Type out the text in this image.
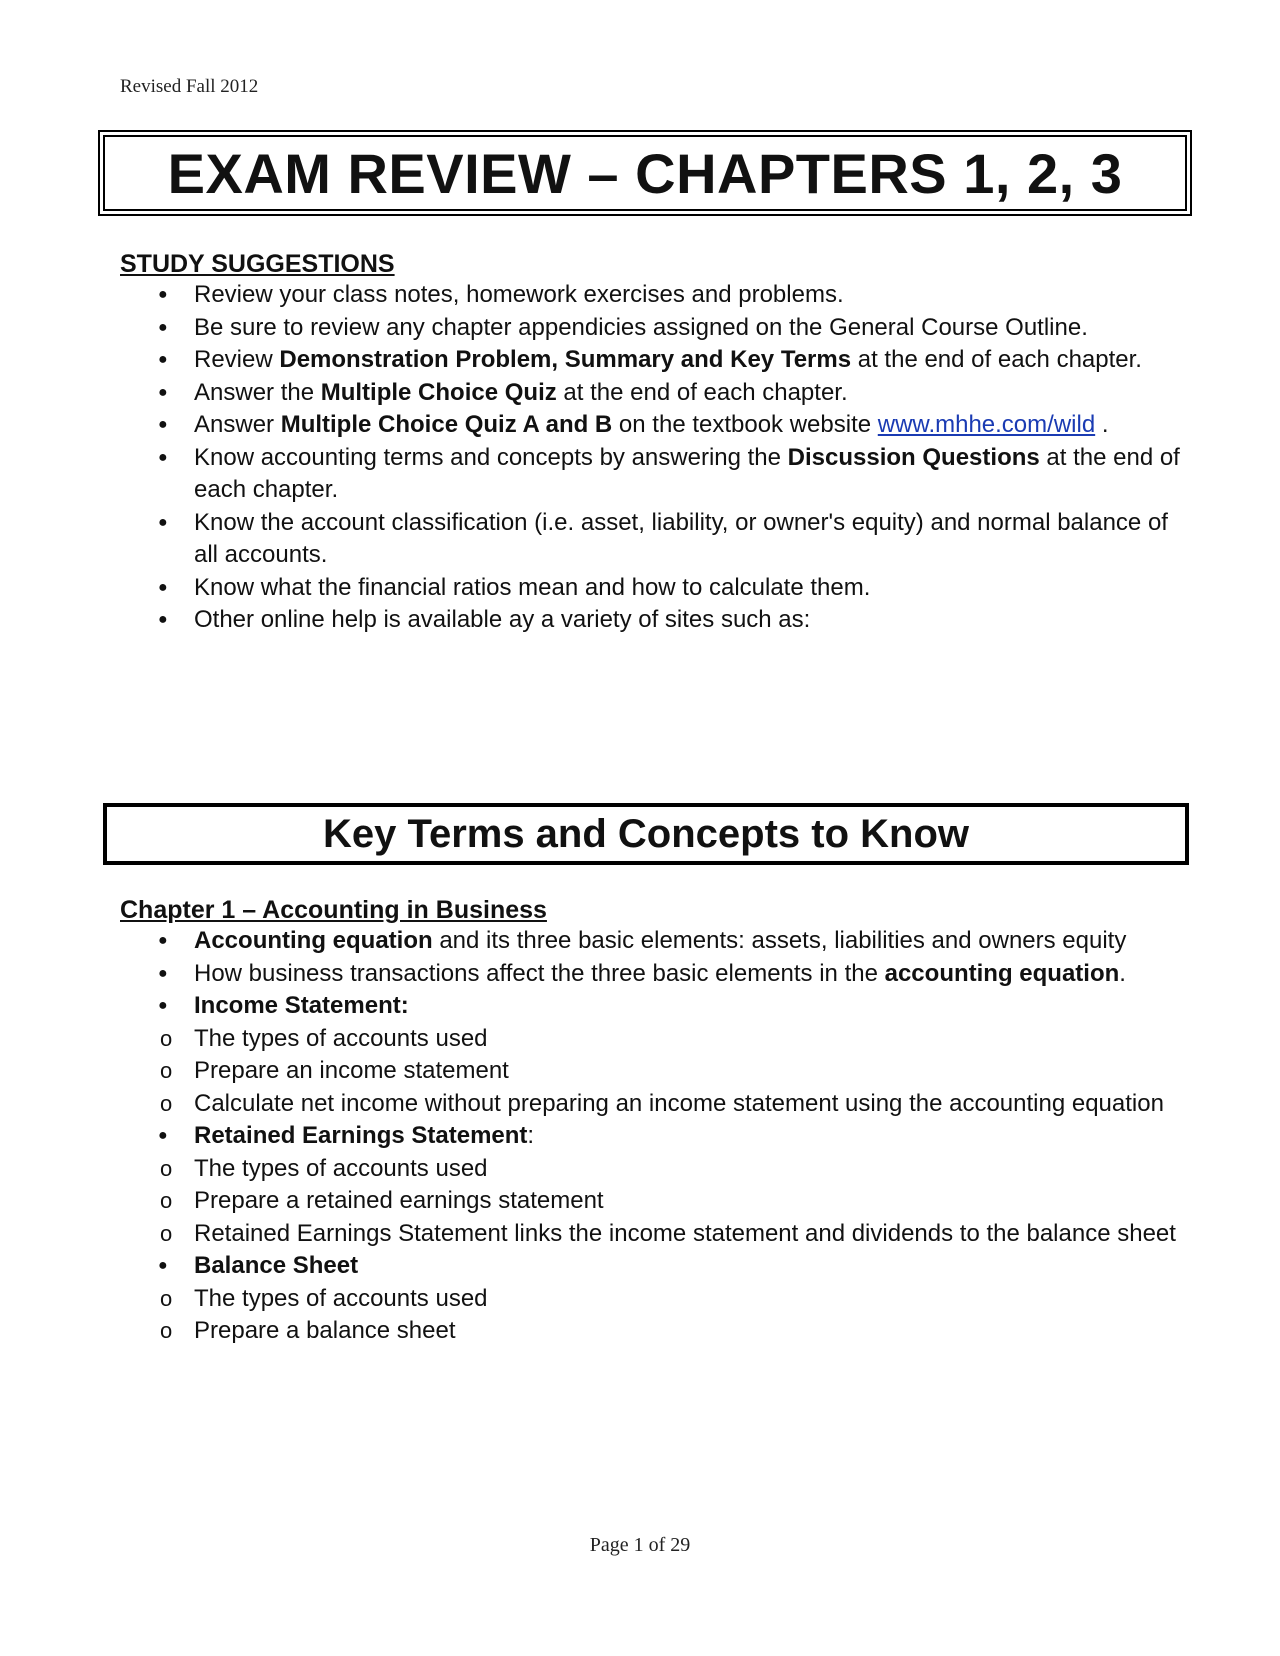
Revised Fall 2012
EXAM REVIEW – CHAPTERS 1, 2, 3

STUDY SUGGESTIONS

● Review your class notes, homework exercises and problems.
● Be sure to review any chapter appendicies assigned on the General Course Outline.
● Review Demonstration Problem, Summary and Key Terms at the end of each chapter.
● Answer the Multiple Choice Quiz at the end of each chapter.
● Answer Multiple Choice Quiz A and B on the textbook website www.mhhe.com/wild .
● Know accounting terms and concepts by answering the Discussion Questions at the end of each chapter.
● Know the account classification (i.e. asset, liability, or owner's equity) and normal balance of all accounts.
● Know what the financial ratios mean and how to calculate them.
● Other online help is available ay a variety of sites such as:
Key Terms and Concepts to Know

Chapter 1 – Accounting in Business

● Accounting equation and its three basic elements: assets, liabilities and owners equity
● How business transactions affect the three basic elements in the accounting equation.
● Income Statement:
o The types of accounts used
o Prepare an income statement
o Calculate net income without preparing an income statement using the accounting equation
● Retained Earnings Statement:
o The types of accounts used
o Prepare a retained earnings statement
o Retained Earnings Statement links the income statement and dividends to the balance sheet
● Balance Sheet
o The types of accounts used
o Prepare a balance sheet
Page 1 of 29
